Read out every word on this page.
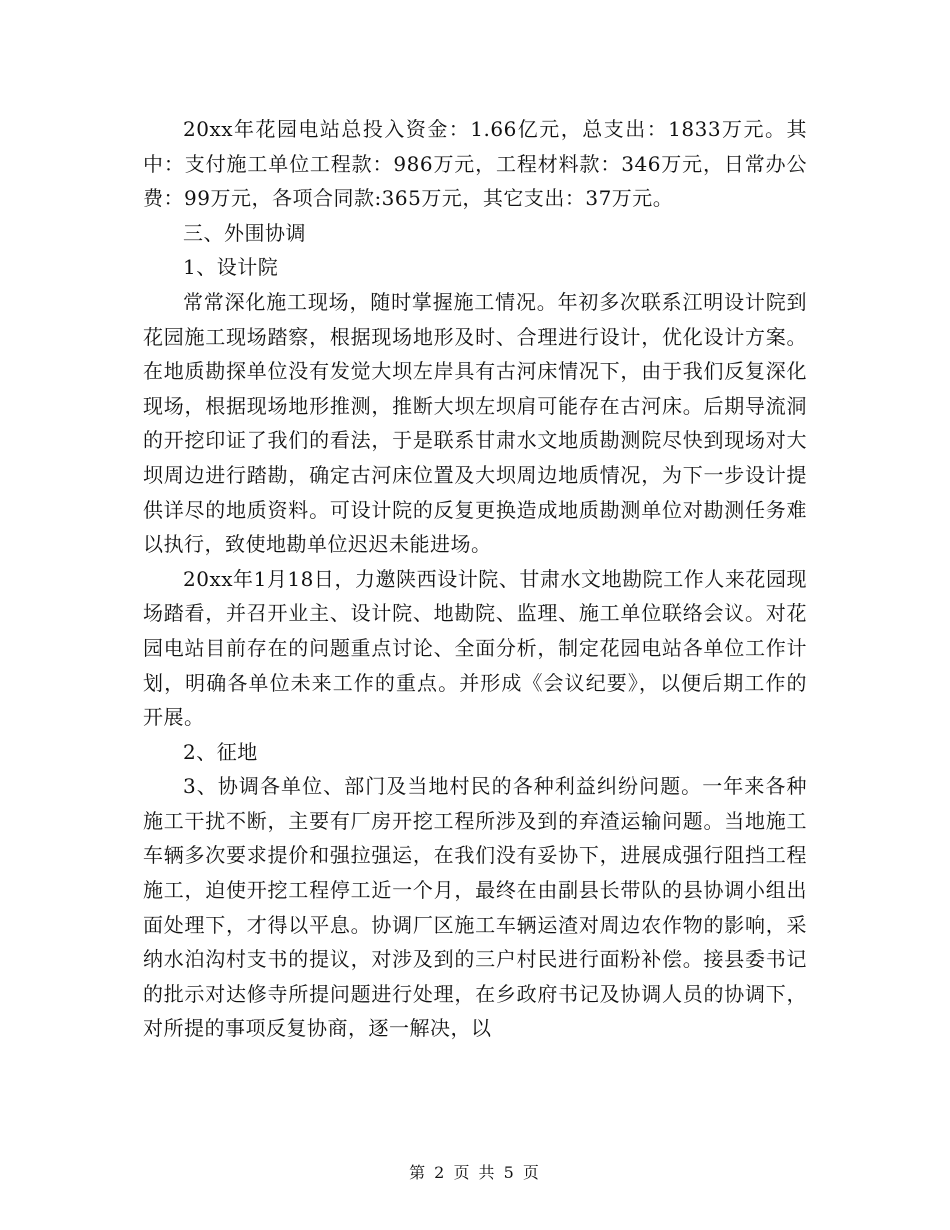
20xx年花园电站总投入资金：1.66亿元，总支出：1833万元。其中：支付施工单位工程款：986万元，工程材料款：346万元，日常办公费：99万元，各项合同款:365万元，其它支出：37万元。

三、外围协调

1、设计院

常常深化施工现场，随时掌握施工情况。年初多次联系江明设计院到花园施工现场踏察，根据现场地形及时、合理进行设计，优化设计方案。在地质勘探单位没有发觉大坝左岸具有古河床情况下，由于我们反复深化现场，根据现场地形推测，推断大坝左坝肩可能存在古河床。后期导流洞的开挖印证了我们的看法，于是联系甘肃水文地质勘测院尽快到现场对大坝周边进行踏勘，确定古河床位置及大坝周边地质情况，为下一步设计提供详尽的地质资料。可设计院的反复更换造成地质勘测单位对勘测任务难以执行，致使地勘单位迟迟未能进场。

20xx年1月18日，力邀陕西设计院、甘肃水文地勘院工作人来花园现场踏看，并召开业主、设计院、地勘院、监理、施工单位联络会议。对花园电站目前存在的问题重点讨论、全面分析，制定花园电站各单位工作计划，明确各单位未来工作的重点。并形成《会议纪要》，以便后期工作的开展。

2、征地

3、协调各单位、部门及当地村民的各种利益纠纷问题。一年来各种施工干扰不断，主要有厂房开挖工程所涉及到的弃渣运输问题。当地施工车辆多次要求提价和强拉强运，在我们没有妥协下，进展成强行阻挡工程施工，迫使开挖工程停工近一个月，最终在由副县长带队的县协调小组出面处理下，才得以平息。协调厂区施工车辆运渣对周边农作物的影响，采纳水泊沟村支书的提议，对涉及到的三户村民进行面粉补偿。接县委书记的批示对达修寺所提问题进行处理，在乡政府书记及协调人员的协调下，对所提的事项反复协商，逐一解决，以

第 2 页 共 5 页
